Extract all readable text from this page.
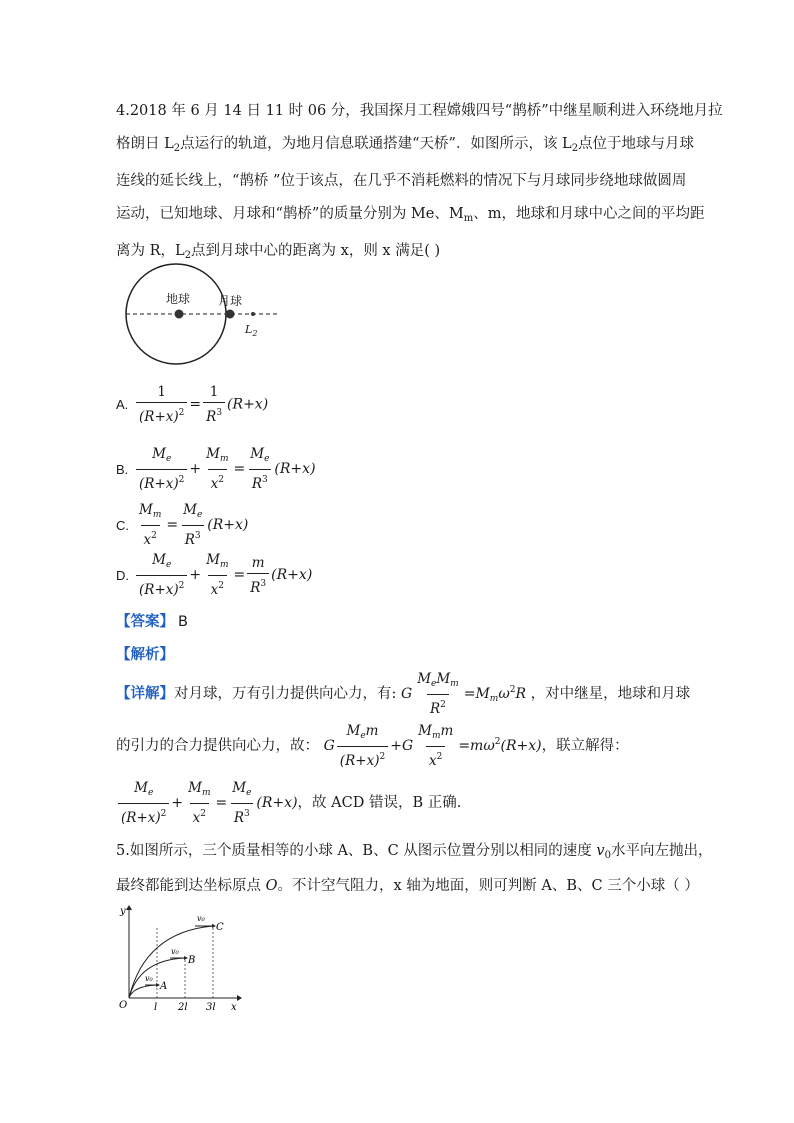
4.2018 年 6 月 14 日 11 时 06 分，我国探月工程嫦娥四号“鹊桥”中继星顺利进入环绕地月拉
格朗日 $L_2$点运行的轨道，为地月信息联通搭建“天桥”．如图所示，该 $L_2$点位于地球与月球
连线的延长线上，“鹊桥 ”位于该点，在几乎不消耗燃料的情况下与月球同步绕地球做圆周
运动，已知地球、月球和“鹊桥”的质量分别为 Me、$M_m$、m，地球和月球中心之间的平均距
离为 R，$L_2$点到月球中心的距离为 x，则 x 满足( )
地球 月球
$L_2$
A. $\frac{1}{(R+x)^2} = \frac{1}{R^3} (R+x)$
B. $\frac{M_e}{(R+x)^2} + \frac{M_m}{x^2} = \frac{M_e}{R^3} (R+x)$
C. $\frac{M_m}{x^2} = \frac{M_e}{R^3} (R+x)$
D. $\frac{M_e}{(R+x)^2} + \frac{M_m}{x^2} = \frac{m}{R^3} (R+x)$
【答案】 B
【解析】
【详解】对月球，万有引力提供向心力，有: G $\frac{M_eM_m}{R^2} =M_m\omega^2R$ ，对中继星，地球和月球
的引力的合力提供向心力，故： G $\frac{M_em}{(R+x)^2} +G \frac{M_mm}{x^2} =m\omega^2(R+x)$，联立解得：
$\frac{M_e}{(R+x)^2} + \frac{M_m}{x^2} = \frac{M_e}{R^3} (R+x)$，故 ACD 错误，B 正确.
5.如图所示，三个质量相等的小球 A、B、C 从图示位置分别以相同的速度 $v_0$水平向左抛出，
最终都能到达坐标原点 O。不计空气阻力，x 轴为地面，则可判断 A、B、C 三个小球（ ）
y
x
O	l 2l 3l
v₀
v₀
v₀
C
B
A
